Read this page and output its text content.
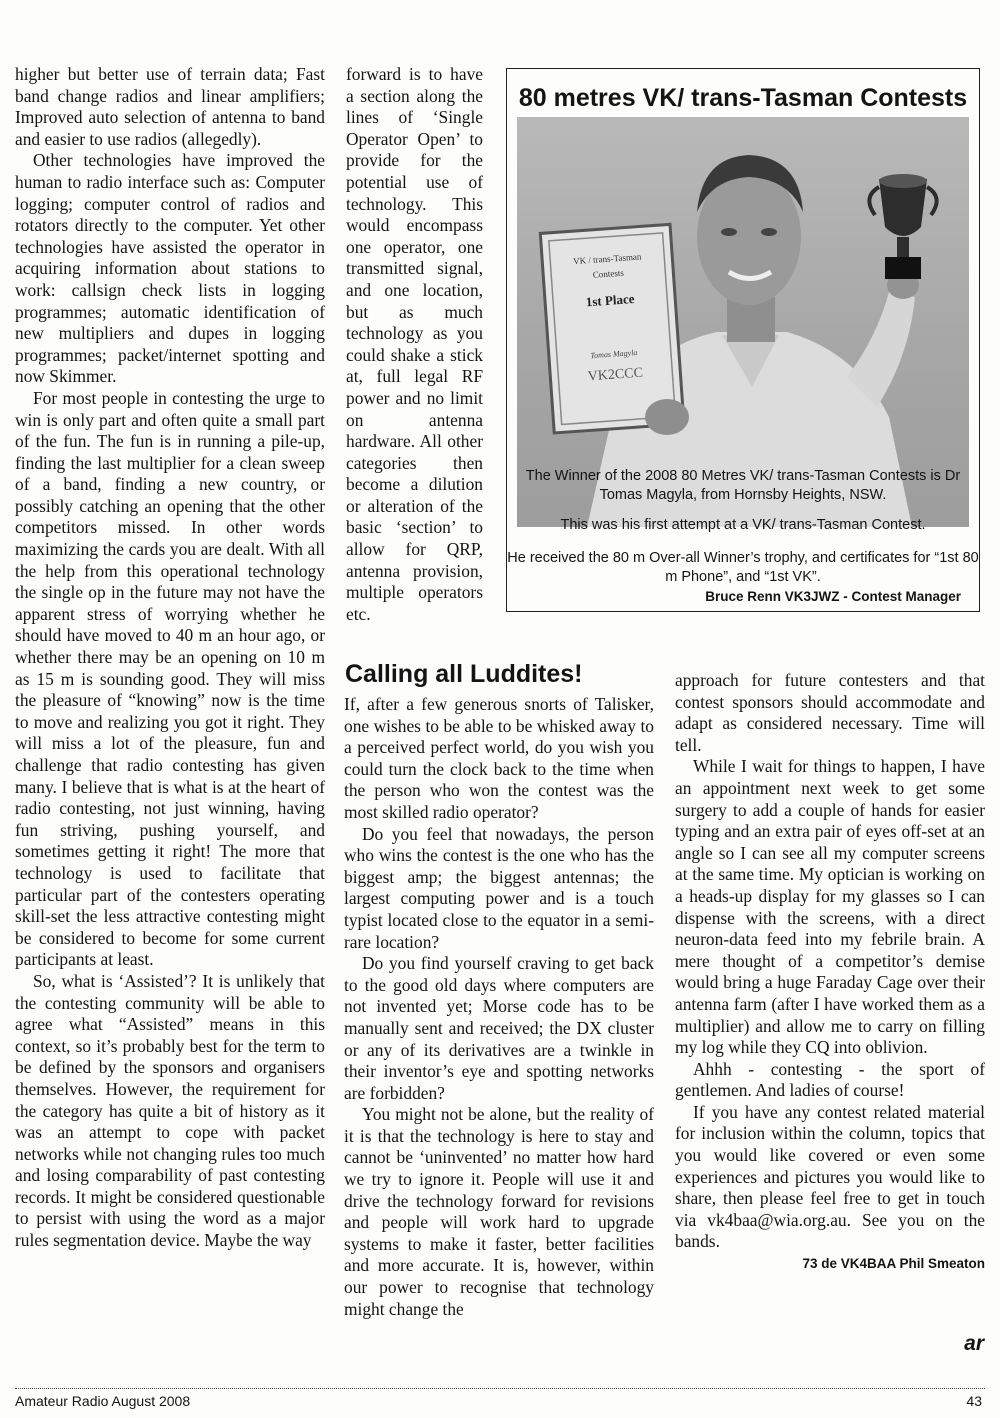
higher but better use of terrain data; Fast band change radios and linear amplifiers; Improved auto selection of antenna to band and easier to use radios (allegedly).

Other technologies have improved the human to radio interface such as: Computer logging; computer control of radios and rotators directly to the computer. Yet other technologies have assisted the operator in acquiring information about stations to work: callsign check lists in logging programmes; automatic identification of new multipliers and dupes in logging programmes; packet/internet spotting and now Skimmer.

For most people in contesting the urge to win is only part and often quite a small part of the fun. The fun is in running a pile-up, finding the last multiplier for a clean sweep of a band, finding a new country, or possibly catching an opening that the other competitors missed. In other words maximizing the cards you are dealt. With all the help from this operational technology the single op in the future may not have the apparent stress of worrying whether he should have moved to 40 m an hour ago, or whether there may be an opening on 10 m as 15 m is sounding good. They will miss the pleasure of “knowing” now is the time to move and realizing you got it right. They will miss a lot of the pleasure, fun and challenge that radio contesting has given many. I believe that is what is at the heart of radio contesting, not just winning, having fun striving, pushing yourself, and sometimes getting it right! The more that technology is used to facilitate that particular part of the contesters operating skill-set the less attractive contesting might be considered to become for some current participants at least.

So, what is ‘Assisted’? It is unlikely that the contesting community will be able to agree what “Assisted” means in this context, so it’s probably best for the term to be defined by the sponsors and organisers themselves. However, the requirement for the category has quite a bit of history as it was an attempt to cope with packet networks while not changing rules too much and losing comparability of past contesting records. It might be considered questionable to persist with using the word as a major rules segmentation device. Maybe the way

forward is to have a section along the lines of ‘Single Operator Open’ to provide for the potential use of technology. This would encompass one operator, one transmitted signal, and one location, but as much technology as you could shake a stick at, full legal RF power and no limit on antenna hardware. All other categories then become a dilution or alteration of the basic ‘section’ to allow for QRP, antenna provision, multiple operators etc.

80 metres VK/ trans-Tasman Contests
VK / trans-Tasman
Contests
1st Place
Tomas Magyla
VK2CCC

The Winner of the 2008 80 Metres VK/ trans-Tasman Contests is Dr Tomas Magyla, from Hornsby Heights, NSW.

This was his first attempt at a VK/ trans-Tasman Contest.

He received the 80 m Over-all Winner’s trophy, and certificates for “1st 80 m Phone”, and “1st VK”.

Bruce Renn VK3JWZ - Contest Manager

Calling all Luddites!

If, after a few generous snorts of Talisker, one wishes to be able to be whisked away to a perceived perfect world, do you wish you could turn the clock back to the time when the person who won the contest was the most skilled radio operator?

Do you feel that nowadays, the person who wins the contest is the one who has the biggest amp; the biggest antennas; the largest computing power and is a touch typist located close to the equator in a semi-rare location?

Do you find yourself craving to get back to the good old days where computers are not invented yet; Morse code has to be manually sent and received; the DX cluster or any of its derivatives are a twinkle in their inventor’s eye and spotting networks are forbidden?

You might not be alone, but the reality of it is that the technology is here to stay and cannot be ‘uninvented’ no matter how hard we try to ignore it. People will use it and drive the technology forward for revisions and people will work hard to upgrade systems to make it faster, better facilities and more accurate. It is, however, within our power to recognise that technology might change the

approach for future contesters and that contest sponsors should accommodate and adapt as considered necessary. Time will tell.

While I wait for things to happen, I have an appointment next week to get some surgery to add a couple of hands for easier typing and an extra pair of eyes off-set at an angle so I can see all my computer screens at the same time. My optician is working on a heads-up display for my glasses so I can dispense with the screens, with a direct neuron-data feed into my febrile brain. A mere thought of a competitor’s demise would bring a huge Faraday Cage over their antenna farm (after I have worked them as a multiplier) and allow me to carry on filling my log while they CQ into oblivion.

Ahhh - contesting - the sport of gentlemen. And ladies of course!

If you have any contest related material for inclusion within the column, topics that you would like covered or even some experiences and pictures you would like to share, then please feel free to get in touch via vk4baa@wia.org.au. See you on the bands.

73 de VK4BAA Phil Smeaton

ar
Amateur Radio August 2008	43
